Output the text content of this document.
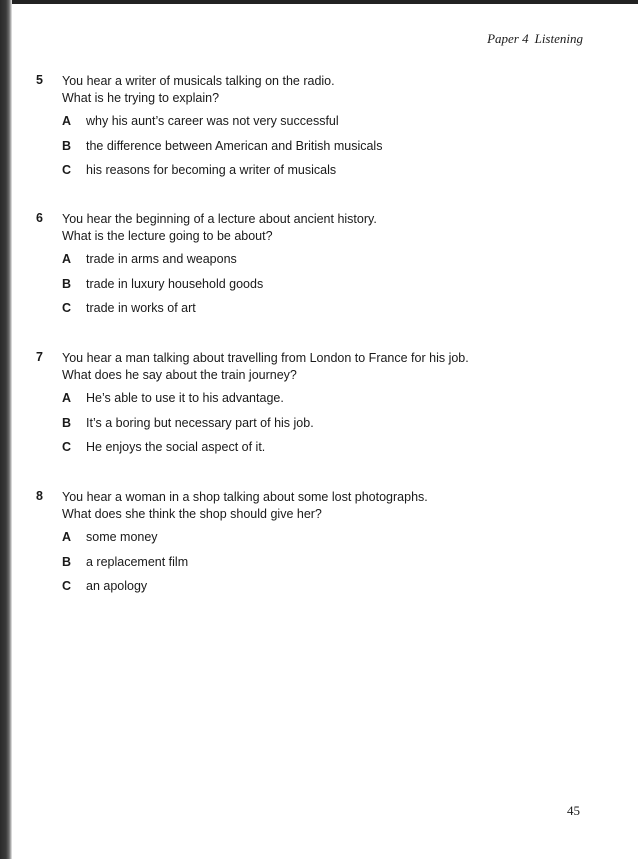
Paper 4 Listening
5	You hear a writer of musicals talking on the radio.
What is he trying to explain?
A why his aunt’s career was not very successful
B the difference between American and British musicals
C his reasons for becoming a writer of musicals
6	You hear the beginning of a lecture about ancient history.
What is the lecture going to be about?
A trade in arms and weapons
B trade in luxury household goods
C trade in works of art
7	You hear a man talking about travelling from London to France for his job.
What does he say about the train journey?
A He’s able to use it to his advantage.
B It’s a boring but necessary part of his job.
C He enjoys the social aspect of it.
8	You hear a woman in a shop talking about some lost photographs.
What does she think the shop should give her?
A some money
B a replacement film
C an apology
45
